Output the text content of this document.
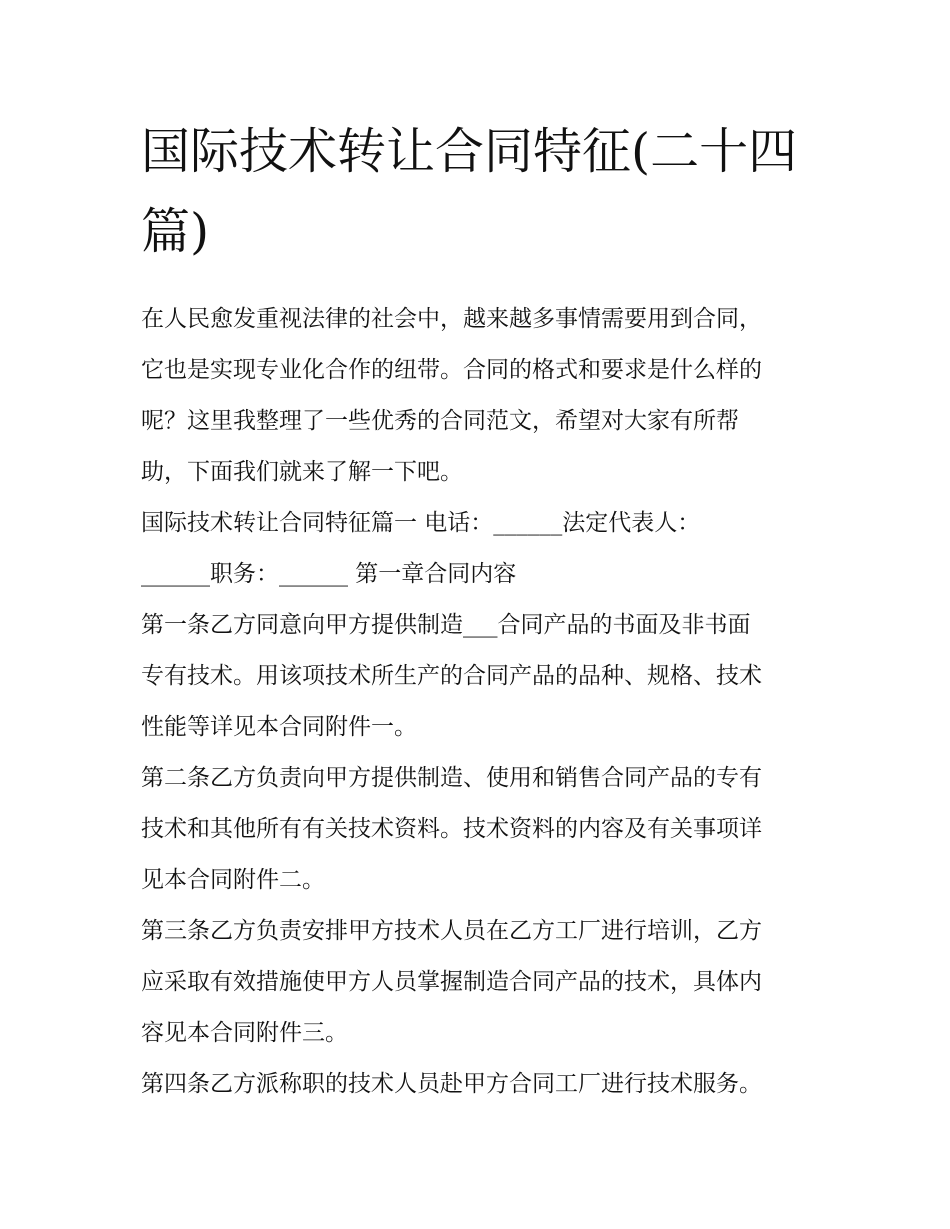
国际技术转让合同特征(二十四
篇)

在人民愈发重视法律的社会中，越来越多事情需要用到合同，
它也是实现专业化合作的纽带。合同的格式和要求是什么样的
呢？这里我整理了一些优秀的合同范文，希望对大家有所帮
助，下面我们就来了解一下吧。

国际技术转让合同特征篇一 电话：______法定代表人：
______职务：______ 第一章合同内容

第一条乙方同意向甲方提供制造___合同产品的书面及非书面
专有技术。用该项技术所生产的合同产品的品种、规格、技术
性能等详见本合同附件一。

第二条乙方负责向甲方提供制造、使用和销售合同产品的专有
技术和其他所有有关技术资料。技术资料的内容及有关事项详
见本合同附件二。

第三条乙方负责安排甲方技术人员在乙方工厂进行培训，乙方
应采取有效措施使甲方人员掌握制造合同产品的技术，具体内
容见本合同附件三。

第四条乙方派称职的技术人员赴甲方合同工厂进行技术服务。
